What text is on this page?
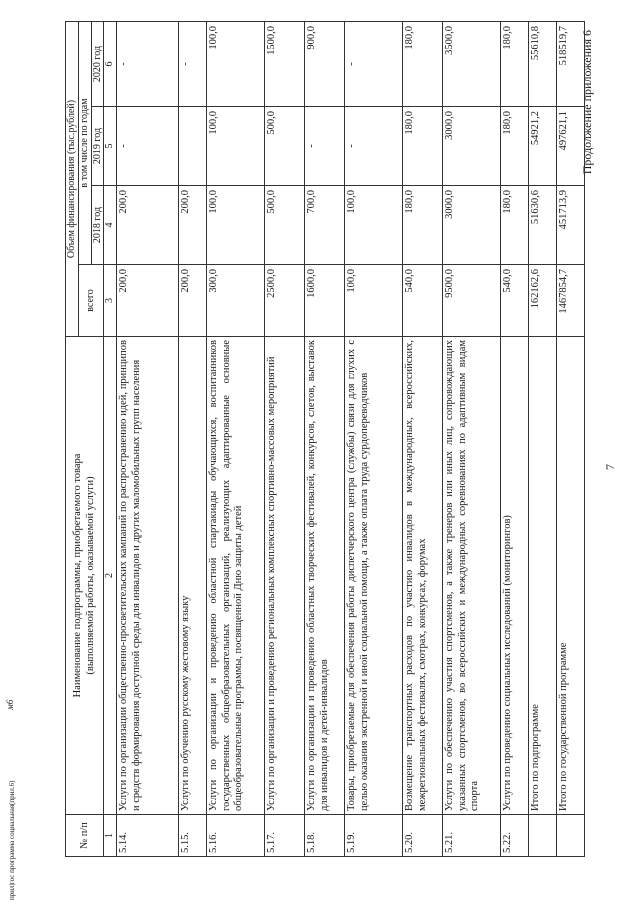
7
Продолжение приложения 6
прил|гос программа социальная(прил.6)
м6
№ п/п	Наименование подпрограммы, приобретаемого товара
(выполняемой работы, оказываемой услуги)	Объем финансирования (тыс.рублей)			
		всего	в том числе по годам		
			2018 год	2019 год	2020 год
1	2	3	4	5	6
5.14.	Услуги по организации общественно-просветительских кампаний по распространению идей, принципов и средств формирования доступной среды для инвалидов и других маломобильных групп населения	200,0	200,0	-	-
5.15.	Услуги по обучению русскому жестовому языку	200,0	200,0		-
5.16.	Услуги по организации и проведению областной спартакиады обучающихся, воспитанников государственных общеобразовательных организаций, реализующих адаптированные основные общеобразовательные программы, посвященной Дню защиты детей	300,0	100,0	100,0	100,0
5.17.	Услуги по организации и проведению региональных комплексных спортивно-массовых мероприятий	2500,0	500,0	500,0	1500,0
5.18.	Услуги по организации и проведению областных творческих фестивалей, конкурсов, слетов, выставок для инвалидов и детей-инвалидов	1600,0	700,0	-	900,0
5.19.	Товары, приобретаемые для обеспечения работы диспетчерского центра (службы) связи для глухих с целью оказания экстренной и иной социальной помощи, а также оплата труда сурдопереводчиков	100,0	100,0	-	-
5.20.	Возмещение транспортных расходов по участию инвалидов в международных, всероссийских, межрегиональных фестивалях, смотрах, конкурсах, форумах	540,0	180,0	180,0	180,0
5.21.	Услуги по обеспечению участия спортсменов, а также тренеров или иных лиц, сопровождающих указанных спортсменов, во всероссийских и международных соревнованиях по адаптивным видам спорта	9500,0	3000,0	3000,0	3500,0
5.22.	Услуги по проведению социальных исследований (мониторингов)	540,0	180,0	180,0	180,0
	Итого по подпрограмме	162162,6	51630,6	54921,2	55610,8
	Итого по государственной программе	1467854,7	451713,9	497621,1	518519,7
